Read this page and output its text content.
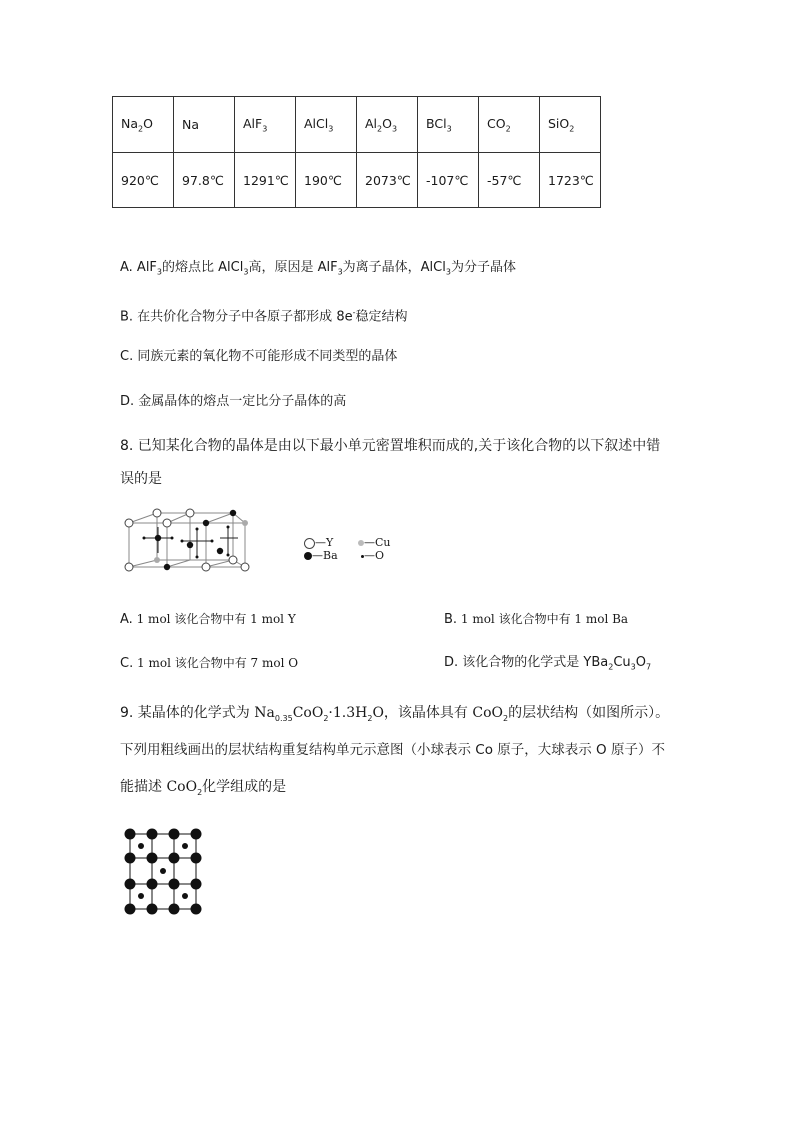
$Na_2O$	Na	AlF$_3$	AlCl$_3$	$Al_2O_3$	BCl$_3$	$CO_2$	SiO$_2$
920℃	97.8℃	1291℃	190℃	2073℃	-107℃	-57℃	1723℃
A. AlF$_3$的熔点比 AlCl$_3$高，原因是 AlF$_3$为离子晶体，AlCl$_3$为分子晶体
B. 在共价化合物分子中各原子都形成 8e-稳定结构
C. 同族元素的氧化物不可能形成不同类型的晶体
D. 金属晶体的熔点一定比分子晶体的高
8. 已知某化合物的晶体是由以下最小单元密置堆积而成的,关于该化合物的以下叙述中错
误的是
—Y	—Cu
—Ba —O
A. 1 mol 该化合物中有 1 mol Y	B. 1 mol 该化合物中有 1 mol Ba
C. 1 mol 该化合物中有 7 mol O	D. 该化合物的化学式是 $YBa_2Cu_3O_7$
9. 某晶体的化学式为 $Na_{0.35}CoO_2\cdot 1.3H_2O$，该晶体具有 CoO$_2$的层状结构（如图所示）。
下列用粗线画出的层状结构重复结构单元示意图（小球表示 Co 原子，大球表示 O 原子）不
能描述 CoO$_2$化学组成的是
